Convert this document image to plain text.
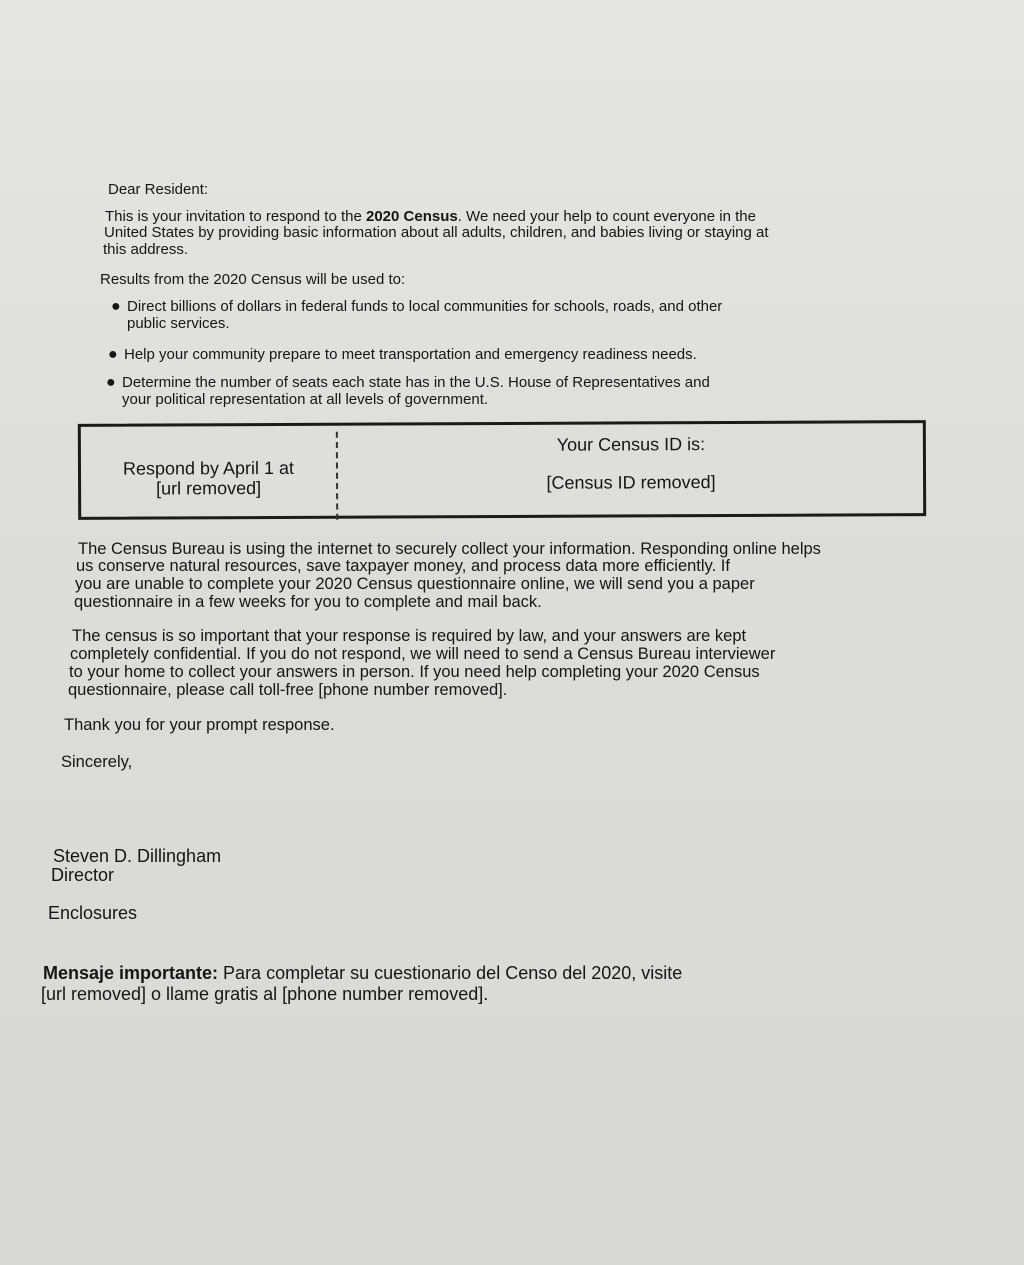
Dear Resident:

This is your invitation to respond to the 2020 Census. We need your help to count everyone in the

United States by providing basic information about all adults, children, and babies living or staying at

this address.

Results from the 2020 Census will be used to:

● Direct billions of dollars in federal funds to local communities for schools, roads, and other
public services.
● Help your community prepare to meet transportation and emergency readiness needs.
● Determine the number of seats each state has in the U.S. House of Representatives and
your political representation at all levels of government.
Respond by April 1 at
[url removed]
Your Census ID is:
[Census ID removed]

The Census Bureau is using the internet to securely collect your information. Responding online helps

us conserve natural resources, save taxpayer money, and process data more efficiently. If

you are unable to complete your 2020 Census questionnaire online, we will send you a paper

questionnaire in a few weeks for you to complete and mail back.

The census is so important that your response is required by law, and your answers are kept

completely confidential. If you do not respond, we will need to send a Census Bureau interviewer

to your home to collect your answers in person. If you need help completing your 2020 Census

questionnaire, please call toll-free [phone number removed].

Thank you for your prompt response.

Sincerely,

Steven D. Dillingham

Director

Enclosures

Mensaje importante: Para completar su cuestionario del Censo del 2020, visite

[url removed] o llame gratis al [phone number removed].
